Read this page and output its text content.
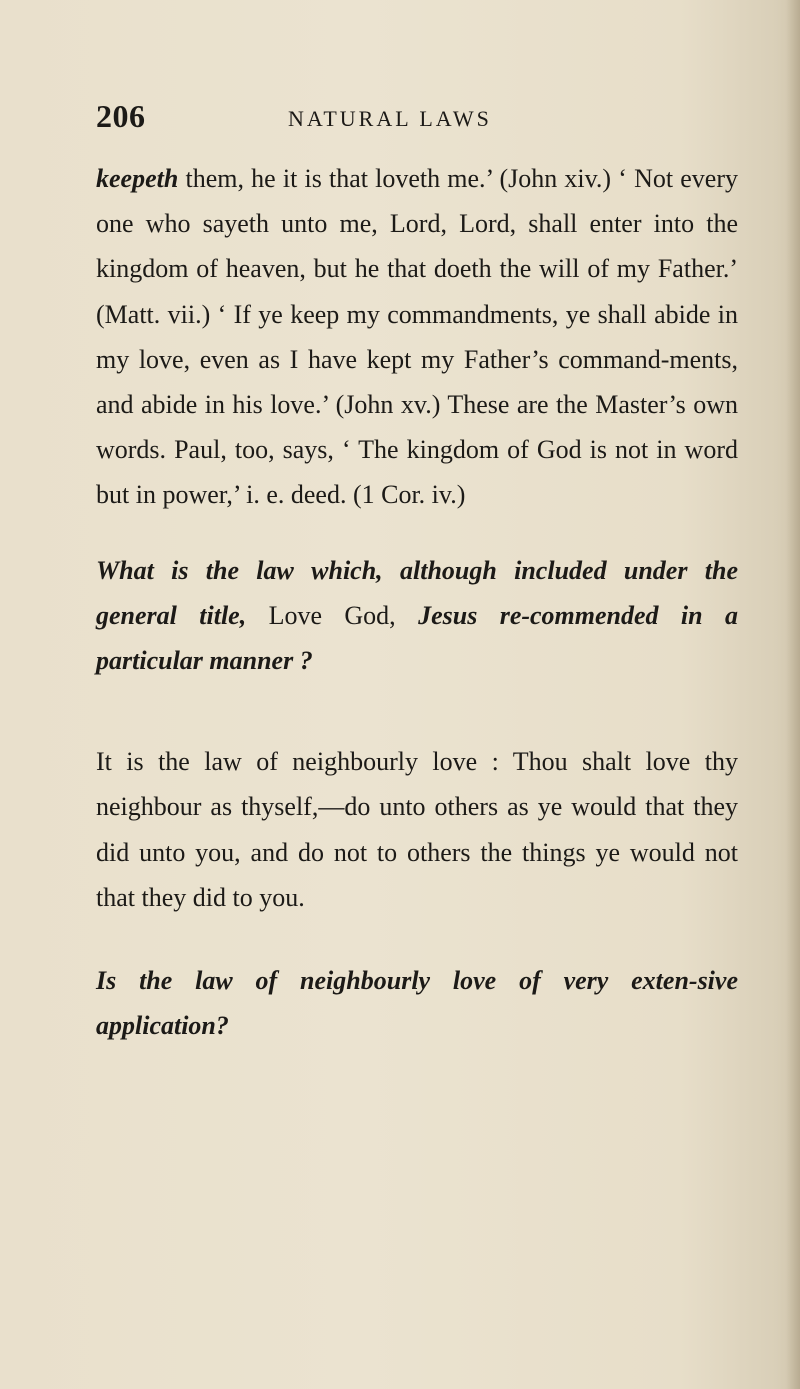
206	NATURAL LAWS

keepeth them, he it is that loveth me.’ (John xiv.) ‘ Not every one who sayeth unto me, Lord, Lord, shall enter into the kingdom of heaven, but he that doeth the will of my Father.’ (Matt. vii.) ‘ If ye keep my commandments, ye shall abide in my love, even as I have kept my Father’s command-ments, and abide in his love.’ (John xv.) These are the Master’s own words. Paul, too, says, ‘ The kingdom of God is not in word but in power,’ i. e. deed. (1 Cor. iv.)

What is the law which, although included under the general title, Love God, Jesus re-commended in a particular manner ?

It is the law of neighbourly love : Thou shalt love thy neighbour as thyself,—do unto others as ye would that they did unto you, and do not to others the things ye would not that they did to you.

Is the law of neighbourly love of very exten-sive application?
